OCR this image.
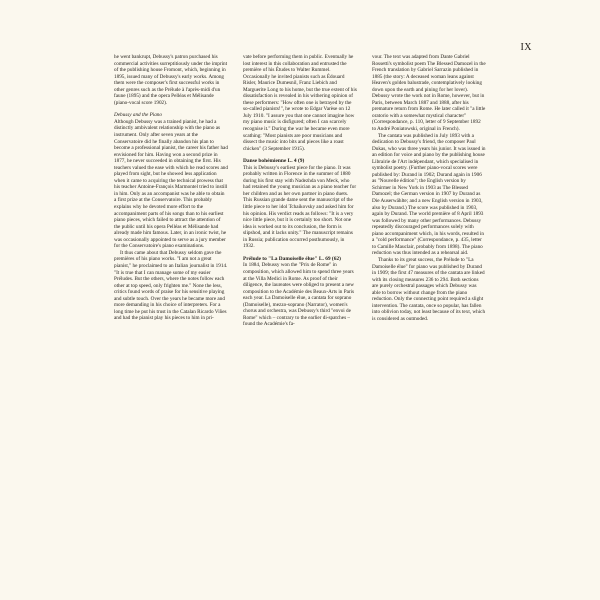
IX

he went bankrupt, Debussy's patron purchased his commercial activities surreptitiously under the imprint of the publishing house Fromont, which, beginning in 1895, issued many of Debussy's early works. Among them were the composer's first successful works in other genres such as the Prélude à l'après-midi d'un faune (1895) and the opera Pelléas et Mélisande (piano-vocal score 1902).

Debussy and the Piano

Although Debussy was a trained pianist, he had a distinctly ambivalent relationship with the piano as instrument. Only after seven years at the Conservatoire did he finally abandon his plan to become a professional pianist, the career his father had envisioned for him. Having won a second prize in 1877, he never succeeded in obtaining the first. His teachers valued the ease with which he read scores and played from sight, but he showed less application when it came to acquiring the technical prowess that his teacher Antoine-François Marmontel tried to instill in him. Only as an accompanist was he able to obtain a first prize at the Conservatoire. This probably explains why he devoted more effort to the accompaniment parts of his songs than to his earliest piano pieces, which failed to attract the attention of the public until his opera Pelléas et Mélisande had already made him famous. Later, in an ironic twist, he was occasionally appointed to serve as a jury member for the Conservatoire's piano examinations.

It thus came about that Debussy seldom gave the premières of his piano works. "I am not a great pianist," he proclaimed to an Italian journalist in 1914. "It is true that I can manage some of my easier Préludes. But the others, where the notes follow each other at top speed, only frighten me." None the less, critics found words of praise for his sensitive playing and subtle touch. Over the years he became more and more demanding in his choice of interpreters. For a long time he put his trust in the Catalan Ricardo Viñes and had the pianist play his pieces to him in pri-

vate before performing them in public. Eventually he lost interest in this collaboration and entrusted the première of his Études to Walter Rummel. Occasionally he invited pianists such as Édouard Risler, Maurice Dumesnil, Franz Liebich and Marguerite Long to his home, but the true extent of his dissatisfaction is revealed in his withering opinion of these performers: "How often one is betrayed by the so-called pianists!", he wrote to Edgar Varèse on 12 July 1910. "I assure you that one cannot imagine how my piano music is disfigured; often I can scarcely recognise it." During the war he became even more scathing: "Most pianists are poor musicians and dissect the music into bits and pieces like a roast chicken" (3 September 1915).

Danse bohémienne L. 4 (9)

This is Debussy's earliest piece for the piano. It was probably written in Florence in the summer of 1880 during his first stay with Nadezhda von Meck, who had retained the young musician as a piano teacher for her children and as her own partner in piano duets. This Russian grande dame sent the manuscript of the little piece to her idol Tchaikovsky and asked him for his opinion. His verdict reads as follows: "It is a very nice little piece, but it is certainly too short. Not one idea is worked out to its conclusion, the form is slipshod, and it lacks unity." The manuscript remains in Russia; publication occurred posthumously, in 1932.

Prélude to "La Damoiselle élue" L. 69 (62)

In 1884, Debussy won the "Prix de Rome" in composition, which allowed him to spend three years at the Villa Medici in Rome. As proof of their diligence, the laureates were obliged to present a new composition to the Académie des Beaux-Arts in Paris each year. La Damoiselle élue, a cantata for soprano (Damoiselle), mezzo-soprano (Narrator), women's chorus and orchestra, was Debussy's third "envoi de Rome" which – contrary to the earlier di-spatches – found the Académie's fa-

vour. The text was adapted from Dante Gabriel Rossetti's symbolist poem The Blessed Damozel in the French translation by Gabriel Sarrazin published in 1885 (the story: A deceased woman leans against Heaven's golden balustrade, contemplatively looking down upon the earth and pining for her lover). Debussy wrote the work not in Rome, however, but in Paris, between March 1887 and 1888, after his premature return from Rome. He later called it "a little oratorio with a somewhat mystical character" (Correspondance, p. 110, letter of 9 September 1892 to André Poniatowski, original in French).

The cantata was published in July 1893 with a dedication to Debussy's friend, the composer Paul Dukas, who was three years his junior. It was issued in an edition for voice and piano by the publishing house Librairie de l'Art indépendant, which specialised in symbolist poetry. (Further piano-vocal scores were published by: Durand in 1902; Durand again in 1906 as "Nouvelle édition"; the English version by Schirmer in New York in 1903 as The Blessed Damozel; the German version in 1907 by Durand as Die Auserwählte; and a new English version in 1903, also by Durand.) The score was published in 1903, again by Durand. The world première of 8 April 1893 was followed by many other performances. Debussy repeatedly discouraged performances solely with piano accompaniment which, in his words, resulted in a "cold performance" (Correspondance, p. 435, letter to Camille Mauclair, probably from 1898). The piano reduction was thus intended as a rehearsal aid.

Thanks to its great success, the Prélude to "La Damoiselle élue" for piano was published by Durand in 1909; the first 47 measures of the cantata are linked with its closing measures 236 to 294. Both sections are purely orchestral passages which Debussy was able to borrow without change from the piano reduction. Only the connecting point required a slight intervention. The cantata, once so popular, has fallen into oblivion today, not least because of its text, which is considered as outmoded.
